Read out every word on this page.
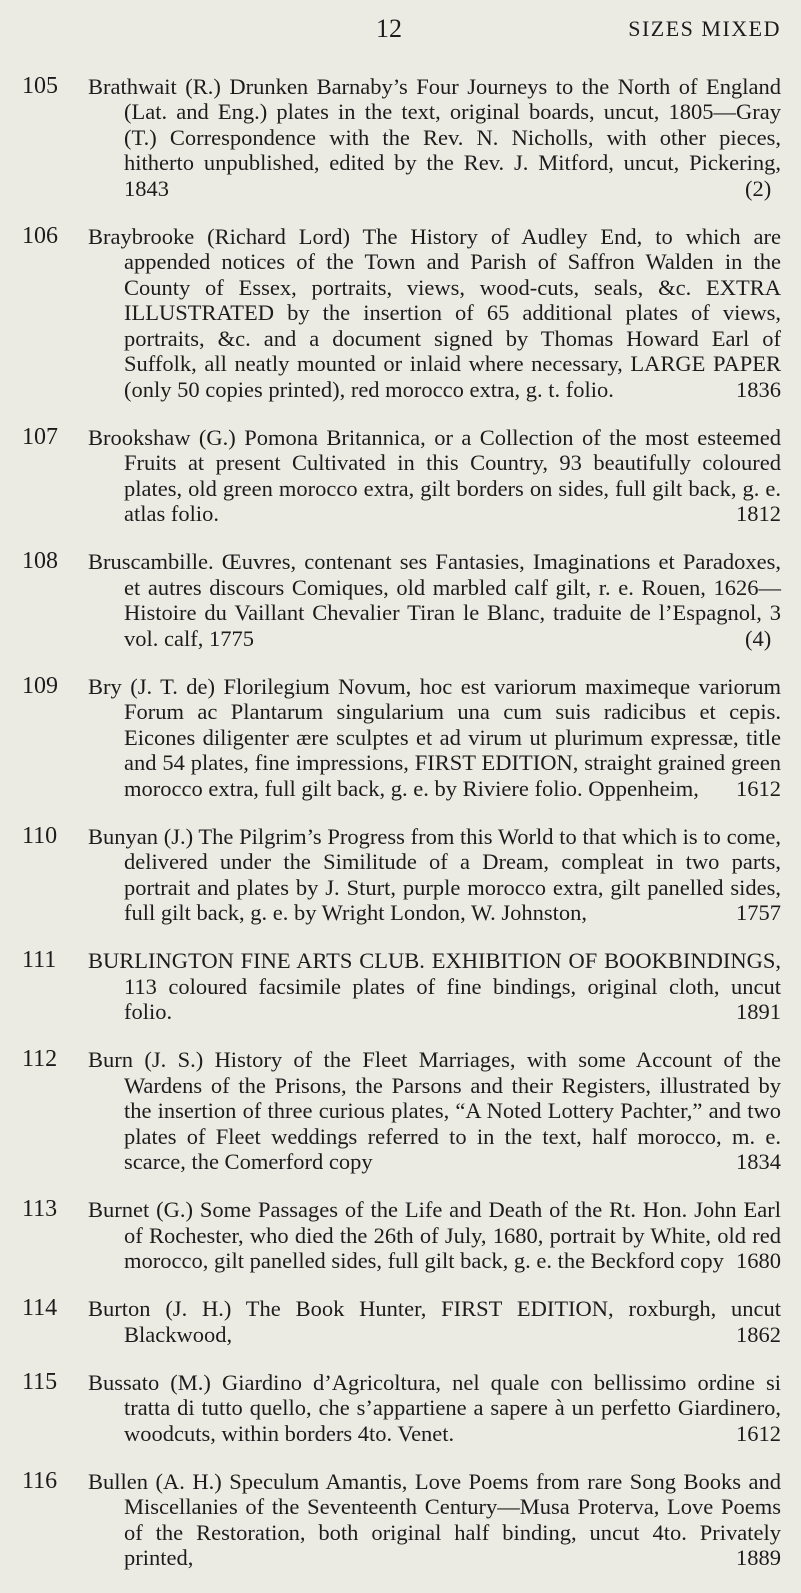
12	SIZES MIXED
105 Brathwait (R.) Drunken Barnaby’s Four Journeys to the North of England (Lat. and Eng.) plates in the text, original boards, uncut, 1805—Gray (T.) Correspondence with the Rev. N. Nicholls, with other pieces, hitherto unpublished, edited by the Rev. J. Mitford, uncut, Pickering, 1843	(2)

106 Braybrooke (Richard Lord) The History of Audley End, to which are appended notices of the Town and Parish of Saffron Walden in the County of Essex, portraits, views, wood-cuts, seals, &c. EXTRA ILLUSTRATED by the insertion of 65 additional plates of views, portraits, &c. and a document signed by Thomas Howard Earl of Suffolk, all neatly mounted or inlaid where necessary, LARGE PAPER (only 50 copies printed), red morocco extra, g. t. folio.	1836

107 Brookshaw (G.) Pomona Britannica, or a Collection of the most esteemed Fruits at present Cultivated in this Country, 93 beautifully coloured plates, old green morocco extra, gilt borders on sides, full gilt back, g. e. atlas folio.	1812

108 Bruscambille. Œuvres, contenant ses Fantasies, Imaginations et Paradoxes, et autres discours Comiques, old marbled calf gilt, r. e. Rouen, 1626—Histoire du Vaillant Chevalier Tiran le Blanc, traduite de l’Espagnol, 3 vol. calf, 1775	(4)

109 Bry (J. T. de) Florilegium Novum, hoc est variorum maximeque variorum Forum ac Plantarum singularium una cum suis radicibus et cepis. Eicones diligenter ære sculptes et ad virum ut plurimum expressæ, title and 54 plates, fine impressions, FIRST EDITION, straight grained green morocco extra, full gilt back, g. e. by Riviere folio. Oppenheim, 1612

110 Bunyan (J.) The Pilgrim’s Progress from this World to that which is to come, delivered under the Similitude of a Dream, compleat in two parts, portrait and plates by J. Sturt, purple morocco extra, gilt panelled sides, full gilt back, g. e. by Wright London, W. Johnston,	1757

111 BURLINGTON FINE ARTS CLUB. EXHIBITION OF BOOKBINDINGS, 113 coloured facsimile plates of fine bindings, original cloth, uncut folio.	1891

112 Burn (J. S.) History of the Fleet Marriages, with some Account of the Wardens of the Prisons, the Parsons and their Registers, illustrated by the insertion of three curious plates, “A Noted Lottery Pachter,” and two plates of Fleet weddings referred to in the text, half morocco, m. e. scarce, the Comerford copy	1834

113 Burnet (G.) Some Passages of the Life and Death of the Rt. Hon. John Earl of Rochester, who died the 26th of July, 1680, portrait by White, old red morocco, gilt panelled sides, full gilt back, g. e. the Beckford copy 1680

114 Burton (J. H.) The Book Hunter, FIRST EDITION, roxburgh, uncut Blackwood,	1862

115 Bussato (M.) Giardino d’Agricoltura, nel quale con bellissimo ordine si tratta di tutto quello, che s’appartiene a sapere à un perfetto Giardinero, woodcuts, within borders 4to. Venet.	1612

116 Bullen (A. H.) Speculum Amantis, Love Poems from rare Song Books and Miscellanies of the Seventeenth Century—Musa Proterva, Love Poems of the Restoration, both original half binding, uncut 4to. Privately printed,	1889
